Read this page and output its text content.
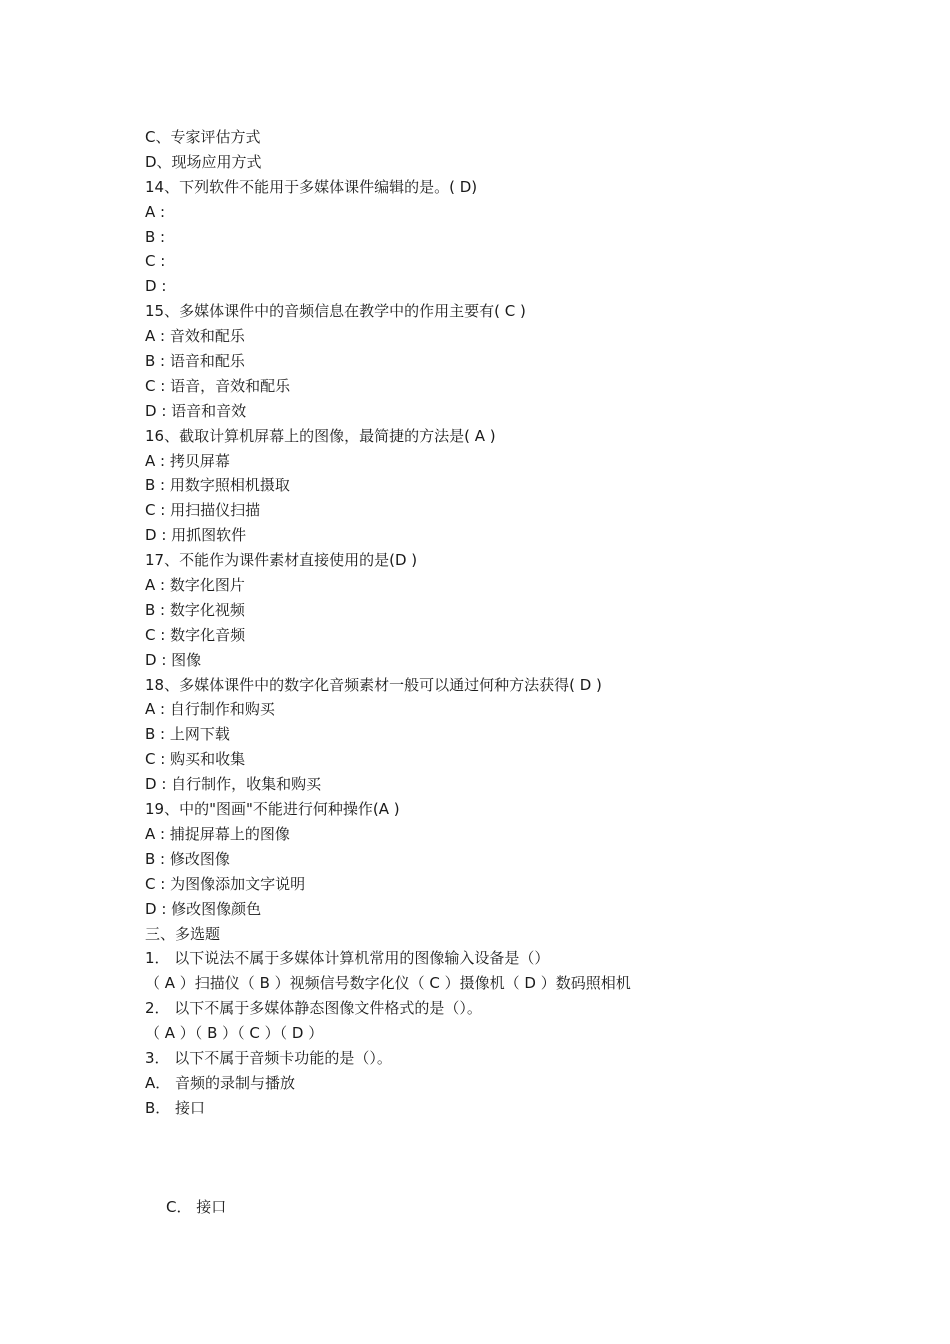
C、专家评估方式
D、现场应用方式
14、下列软件不能用于多媒体课件编辑的是。( D)
A :
B :
C :
D :
15、多媒体课件中的音频信息在教学中的作用主要有( C )
A : 音效和配乐
B : 语音和配乐
C : 语音，音效和配乐
D : 语音和音效
16、截取计算机屏幕上的图像，最简捷的方法是( A )
A : 拷贝屏幕
B : 用数字照相机摄取
C : 用扫描仪扫描
D : 用抓图软件
17、不能作为课件素材直接使用的是(D )
A : 数字化图片
B : 数字化视频
C : 数字化音频
D : 图像
18、多媒体课件中的数字化音频素材一般可以通过何种方法获得( D )
A : 自行制作和购买
B : 上网下载
C : 购买和收集
D : 自行制作，收集和购买
19、中的"图画"不能进行何种操作(A )
A : 捕捉屏幕上的图像
B : 修改图像
C : 为图像添加文字说明
D : 修改图像颜色
三、多选题
1． 以下说法不属于多媒体计算机常用的图像输入设备是（）
（ A ）扫描仪（ B ）视频信号数字化仪（ C ）摄像机（ D ）数码照相机
2． 以下不属于多媒体静态图像文件格式的是（）。
（ A ）（ B ）（ C ）（ D ）
3． 以下不属于音频卡功能的是（）。
A． 音频的录制与播放
B． 接口
C． 接口
